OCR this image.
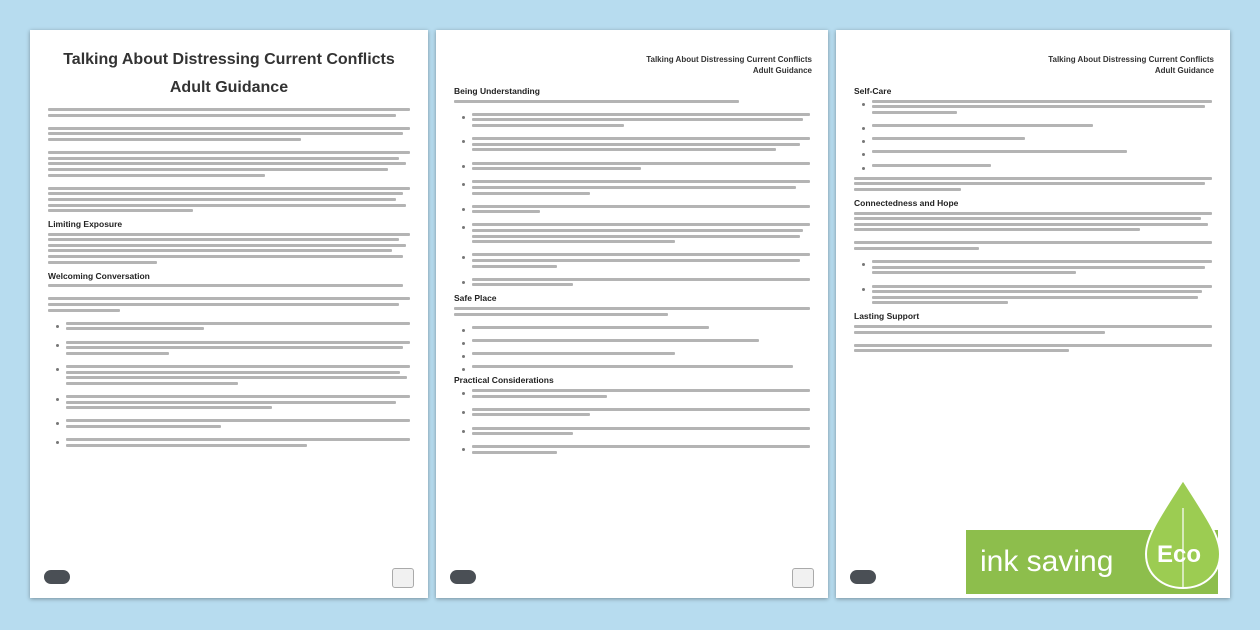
Talking About Distressing Current Conflicts
Adult Guidance
Limiting Exposure
Welcoming Conversation
Talking About Distressing Current Conflicts
Adult Guidance
Being Understanding
Safe Place
Practical Considerations
Talking About Distressing Current Conflicts
Adult Guidance
Self-Care
Connectedness and Hope
Lasting Support
ink saving Eco
